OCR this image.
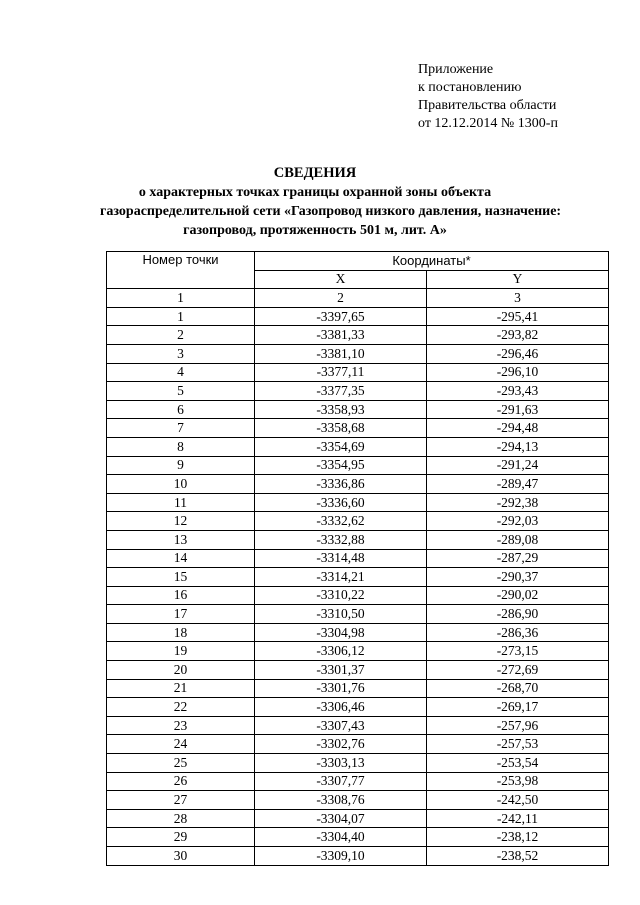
Приложение
к постановлению
Правительства области
от 12.12.2014 № 1300-п
СВЕДЕНИЯ
о характерных точках границы охранной зоны объекта
газораспределительной сети «Газопровод низкого давления, назначение:
газопровод, протяженность 501 м, лит. А»
Номер точки	Координаты*	
	X	Y
1	2	3
1	-3397,65	-295,41
2	-3381,33	-293,82
3	-3381,10	-296,46
4	-3377,11	-296,10
5	-3377,35	-293,43
6	-3358,93	-291,63
7	-3358,68	-294,48
8	-3354,69	-294,13
9	-3354,95	-291,24
10	-3336,86	-289,47
11	-3336,60	-292,38
12	-3332,62	-292,03
13	-3332,88	-289,08
14	-3314,48	-287,29
15	-3314,21	-290,37
16	-3310,22	-290,02
17	-3310,50	-286,90
18	-3304,98	-286,36
19	-3306,12	-273,15
20	-3301,37	-272,69
21	-3301,76	-268,70
22	-3306,46	-269,17
23	-3307,43	-257,96
24	-3302,76	-257,53
25	-3303,13	-253,54
26	-3307,77	-253,98
27	-3308,76	-242,50
28	-3304,07	-242,11
29	-3304,40	-238,12
30	-3309,10	-238,52
